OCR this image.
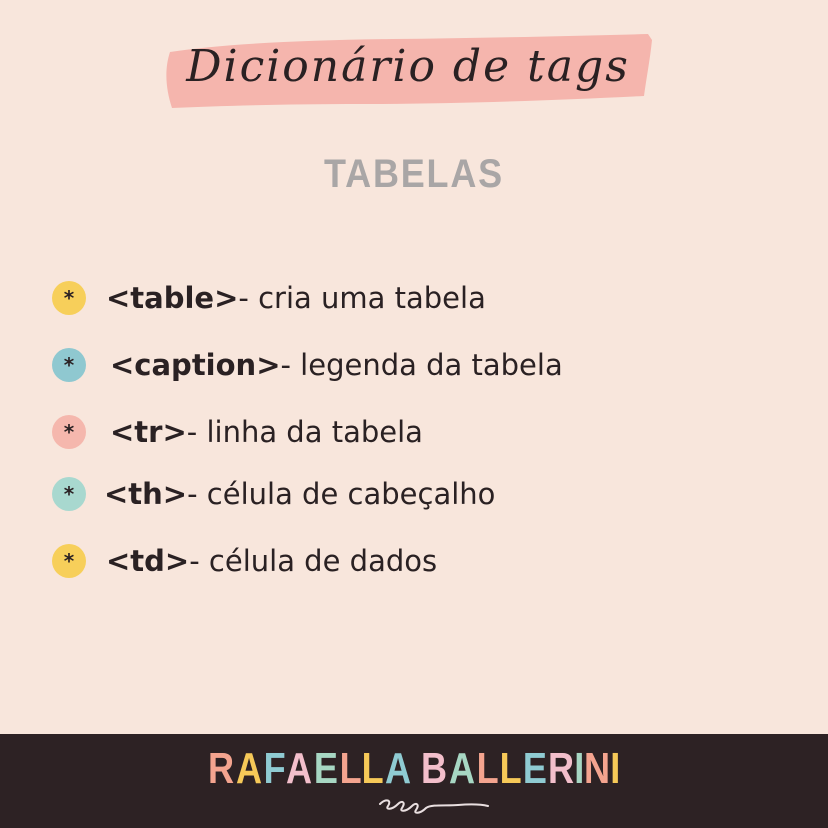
Dicionário de tags
TABELAS
*	<table> - cria uma tabela
*	<caption> - legenda da tabela
*	<tr> - linha da tabela
*	<th> - célula de cabeçalho
*	<td> - célula de dados
RAFAELLA BALLERINI
